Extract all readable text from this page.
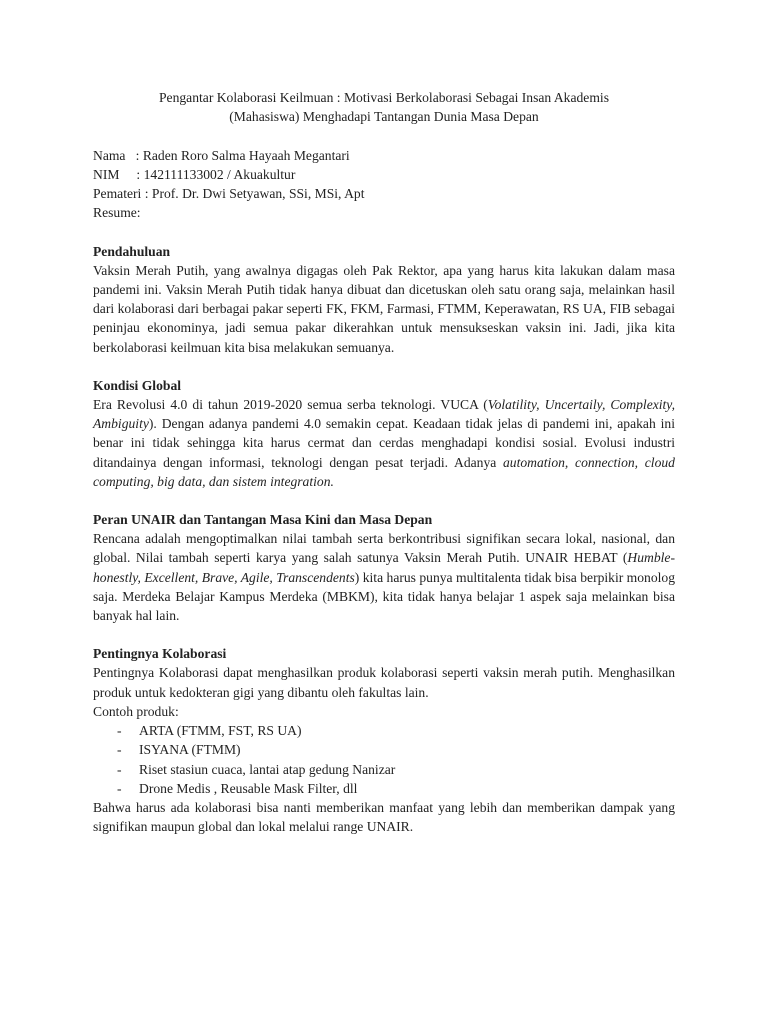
Pengantar Kolaborasi Keilmuan : Motivasi Berkolaborasi Sebagai Insan Akademis
(Mahasiswa) Menghadapi Tantangan Dunia Masa Depan
Nama   : Raden Roro Salma Hayaah Megantari
NIM     : 142111133002 / Akuakultur
Pemateri : Prof. Dr. Dwi Setyawan, SSi, MSi, Apt
Resume:
Pendahuluan
Vaksin Merah Putih, yang awalnya digagas oleh Pak Rektor, apa yang harus kita lakukan dalam masa pandemi ini. Vaksin Merah Putih tidak hanya dibuat dan dicetuskan oleh satu orang saja, melainkan hasil dari kolaborasi dari berbagai pakar seperti FK, FKM, Farmasi, FTMM, Keperawatan, RS UA, FIB sebagai peninjau ekonominya, jadi semua pakar dikerahkan untuk mensukseskan vaksin ini. Jadi, jika kita berkolaborasi keilmuan kita bisa melakukan semuanya.
Kondisi Global
Era Revolusi 4.0 di tahun 2019-2020 semua serba teknologi. VUCA (Volatility, Uncertaily, Complexity, Ambiguity). Dengan adanya pandemi 4.0 semakin cepat. Keadaan tidak jelas di pandemi ini, apakah ini benar ini tidak sehingga kita harus cermat dan cerdas menghadapi kondisi sosial. Evolusi industri ditandainya dengan informasi, teknologi dengan pesat terjadi. Adanya automation, connection, cloud computing, big data, dan sistem integration.
Peran UNAIR dan Tantangan Masa Kini dan Masa Depan
Rencana adalah mengoptimalkan nilai tambah serta berkontribusi signifikan secara lokal, nasional, dan global. Nilai tambah seperti karya yang salah satunya Vaksin Merah Putih. UNAIR HEBAT (Humble-honestly, Excellent, Brave, Agile, Transcendents) kita harus punya multitalenta tidak bisa berpikir monolog saja. Merdeka Belajar Kampus Merdeka (MBKM), kita tidak hanya belajar 1 aspek saja melainkan bisa banyak hal lain.
Pentingnya Kolaborasi
Pentingnya Kolaborasi dapat menghasilkan produk kolaborasi seperti vaksin merah putih. Menghasilkan produk untuk kedokteran gigi yang dibantu oleh fakultas lain.
Contoh produk:
- ARTA (FTMM, FST, RS UA)
- ISYANA (FTMM)
- Riset stasiun cuaca, lantai atap gedung Nanizar
- Drone Medis , Reusable Mask Filter, dll
Bahwa harus ada kolaborasi bisa nanti memberikan manfaat yang lebih dan memberikan dampak yang signifikan maupun global dan lokal melalui range UNAIR.
